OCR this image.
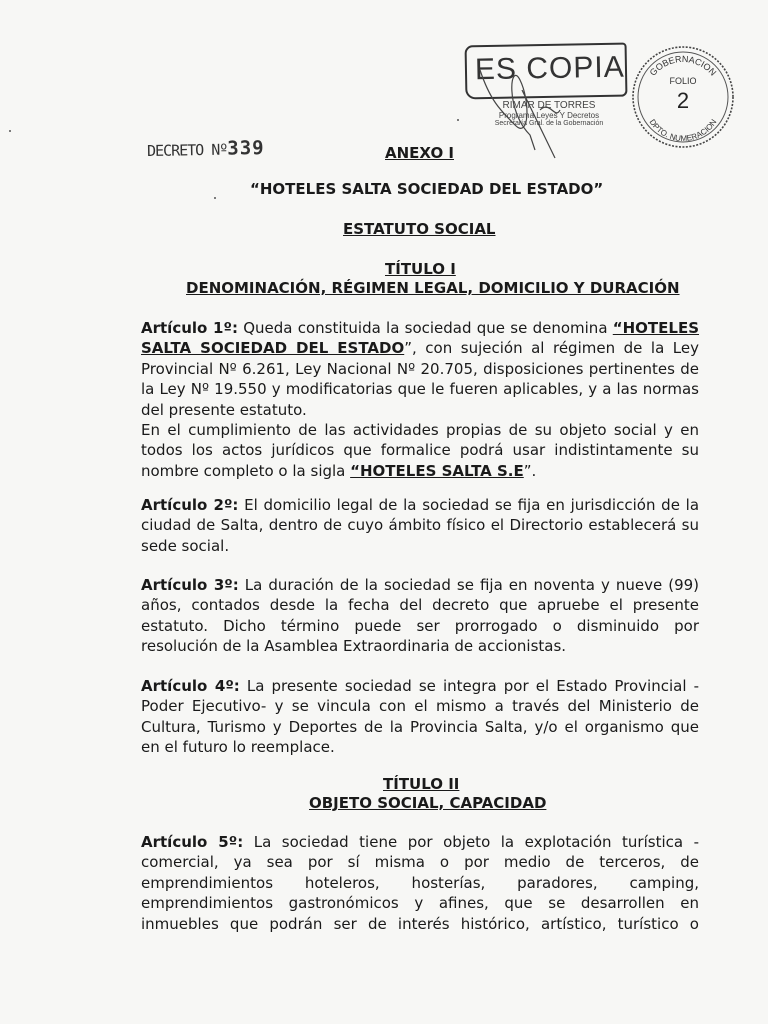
ES COPIA
RIMAR DE TORRES
Programa Leyes Y Decretos
Secretaría Gral. de la Gobernación
GOBERNACION
DPTO. NUMERACION
FOLIO
2
DECRETO Nº339	ANEXO I
“HOTELES SALTA SOCIEDAD DEL ESTADO”
ESTATUTO SOCIAL
TÍTULO I
DENOMINACIÓN, RÉGIMEN LEGAL, DOMICILIO Y DURACIÓN
Artículo 1º: Queda constituida la sociedad que se denomina “HOTELES
SALTA SOCIEDAD DEL ESTADO”, con sujeción al régimen de la Ley
Provincial Nº 6.261, Ley Nacional Nº 20.705, disposiciones pertinentes de
la Ley Nº 19.550 y modificatorias que le fueren aplicables, y a las normas
del presente estatuto.
En el cumplimiento de las actividades propias de su objeto social y en
todos los actos jurídicos que formalice podrá usar indistintamente su
nombre completo o la sigla “HOTELES SALTA S.E”.
Artículo 2º: El domicilio legal de la sociedad se fija en jurisdicción de la
ciudad de Salta, dentro de cuyo ámbito físico el Directorio establecerá su
sede social.
Artículo 3º: La duración de la sociedad se fija en noventa y nueve (99)
años, contados desde la fecha del decreto que apruebe el presente
estatuto. Dicho término puede ser prorrogado o disminuido por
resolución de la Asamblea Extraordinaria de accionistas.
Artículo 4º: La presente sociedad se integra por el Estado Provincial -
Poder Ejecutivo- y se vincula con el mismo a través del Ministerio de
Cultura, Turismo y Deportes de la Provincia Salta, y/o el organismo que
en el futuro lo reemplace.
TÍTULO II
OBJETO SOCIAL, CAPACIDAD
Artículo 5º: La sociedad tiene por objeto la explotación turística -
comercial, ya sea por sí misma o por medio de terceros, de
emprendimientos hoteleros, hosterías, paradores, camping,
emprendimientos gastronómicos y afines, que se desarrollen en
inmuebles que podrán ser de interés histórico, artístico, turístico o
